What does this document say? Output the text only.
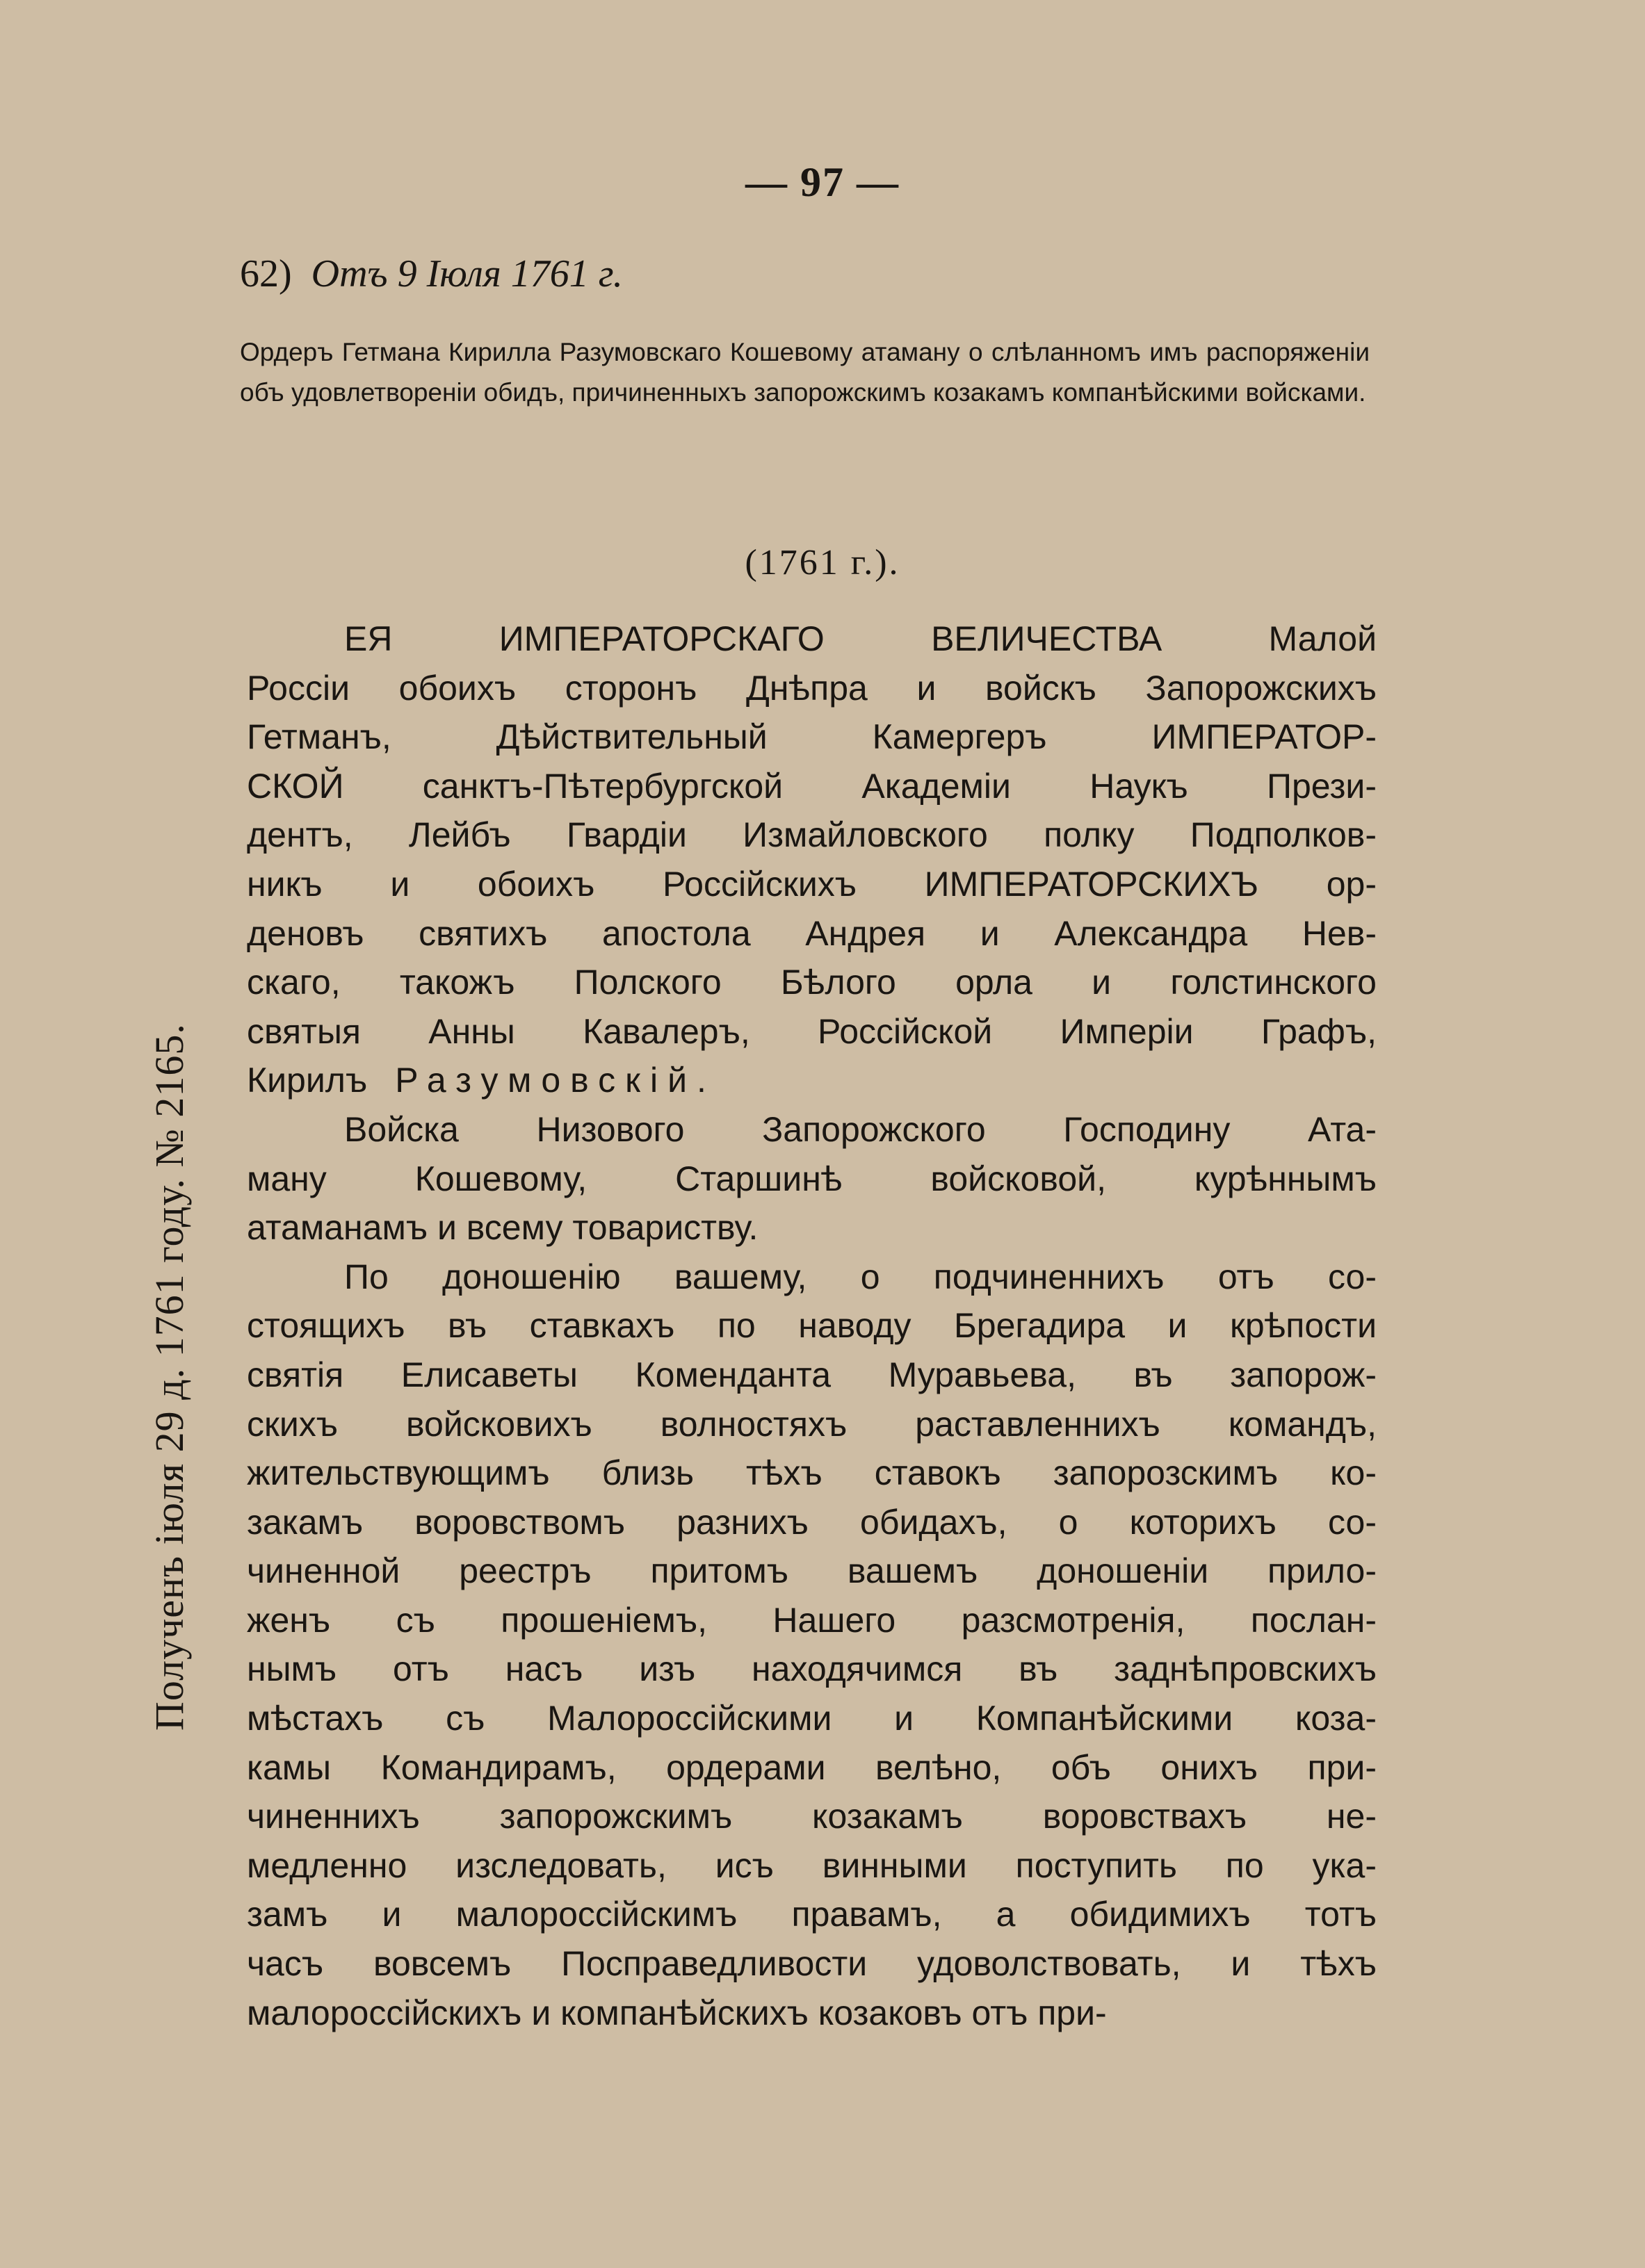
— 97 —
62) Отъ 9 Іюля 1761 г.

Ордеръ Гетмана Кирилла Разумовскаго Кошевому атаману о слѣланномъ имъ распоряженіи объ удовлетвореніи обидъ, причиненныхъ запорожскимъ козакамъ компанѣйскими войсками.

(1761 г.).
ЕЯ ИМПЕРАТОРСКАГО ВЕЛИЧЕСТВА Малой
Россіи обоихъ сторонъ Днѣпра и войскъ Запорожскихъ
Гетманъ, Дѣйствительный Камергеръ ИМПЕРАТОР-
СКОЙ санктъ-Пѣтербургской Академіи Наукъ Прези-
дентъ, Лейбъ Гвардіи Измайловского полку Подполков-
никъ и обоихъ Россійскихъ ИМПЕРАТОРСКИХЪ ор-
деновъ святихъ апостола Андрея и Александра Нев-
скаго, такожъ Полского Бѣлого орла и голстинского
святыя Анны Кавалеръ, Россійской Имперіи Графъ,
Кирилъ Разумовскій.
Войска Низового Запорожского Господину Ата-
ману Кошевому, Старшинѣ войсковой, курѣннымъ
атаманамъ и всему товариству.
По доношенію вашему, о подчиненнихъ отъ со-
стоящихъ въ ставкахъ по наводу Брегадира и крѣпости
святія Елисаветы Коменданта Муравьева, въ запорож-
скихъ войсковихъ волностяхъ раставленнихъ командъ,
жительствующимъ близь тѣхъ ставокъ запорозскимъ ко-
закамъ воровствомъ разнихъ обидахъ, о которихъ со-
чиненной реестръ притомъ вашемъ доношеніи прило-
женъ съ прошеніемъ, Нашего разсмотренія, послан-
нымъ отъ насъ изъ находячимся въ заднѣпровскихъ
мѣстахъ съ Малороссійскими и Компанѣйскими коза-
камы Командирамъ, ордерами велѣно, объ онихъ при-
чиненнихъ запорожскимъ козакамъ воровствахъ не-
медленно изследовать, исъ винными поступить по ука-
замъ и малороссійскимъ правамъ, а обидимихъ тотъ
часъ вовсемъ Посправедливости удоволствовать, и тѣхъ
малороссійскихъ и компанѣйскихъ козаковъ отъ при-
Полученъ іюля 29 д. 1761 году. № 2165.
